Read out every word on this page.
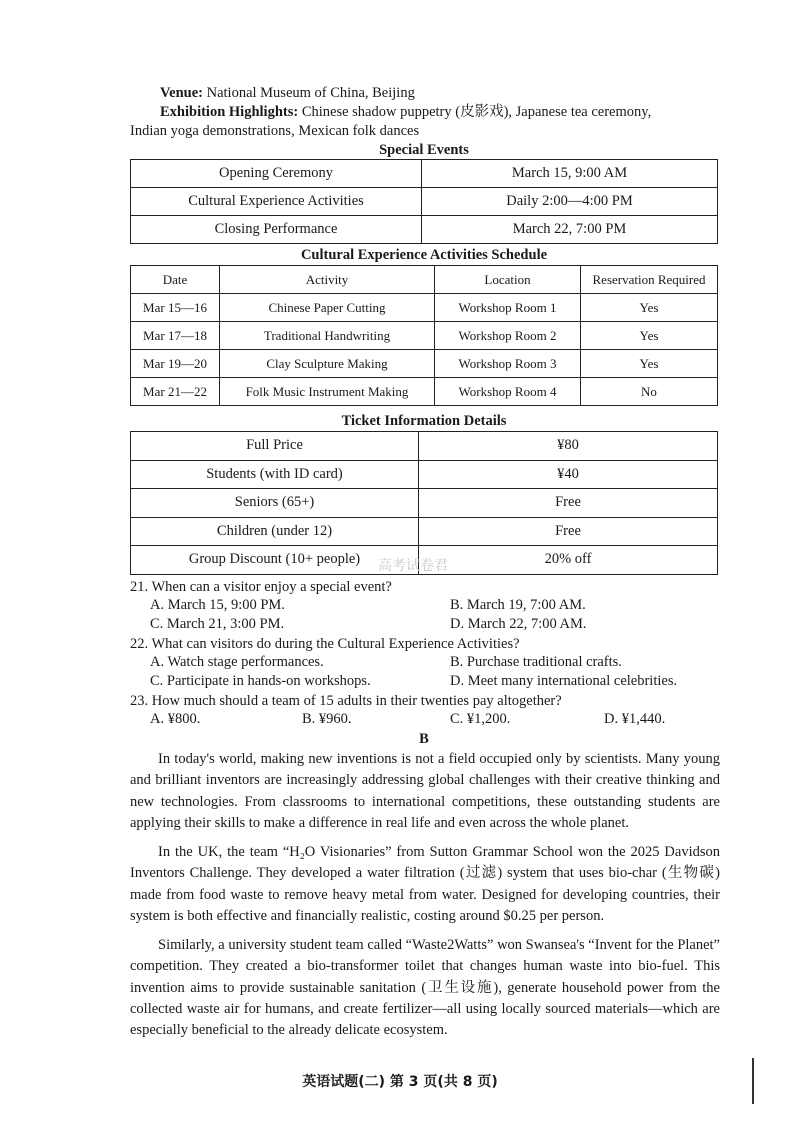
Venue: National Museum of China, Beijing
Exhibition Highlights: Chinese shadow puppetry (皮影戏), Japanese tea ceremony,
Indian yoga demonstrations, Mexican folk dances
Special Events
Opening Ceremony	March 15, 9:00 AM
Cultural Experience Activities	Daily 2:00—4:00 PM
Closing Performance	March 22, 7:00 PM
Cultural Experience Activities Schedule
Date	Activity	Location	Reservation Required
Mar 15—16	Chinese Paper Cutting	Workshop Room 1	Yes
Mar 17—18	Traditional Handwriting	Workshop Room 2	Yes
Mar 19—20	Clay Sculpture Making	Workshop Room 3	Yes
Mar 21—22	Folk Music Instrument Making	Workshop Room 4	No
Ticket Information Details
Full Price	¥80
Students (with ID card)	¥40
Seniors (65+)	Free
Children (under 12)	Free
Group Discount (10+ people)	20% off
高考试卷君
21. When can a visitor enjoy a special event?
A. March 15, 9:00 PM.	B. March 19, 7:00 AM.
C. March 21, 3:00 PM.	D. March 22, 7:00 AM.
22. What can visitors do during the Cultural Experience Activities?
A. Watch stage performances.	B. Purchase traditional crafts.
C. Participate in hands-on workshops.	D. Meet many international celebrities.
23. How much should a team of 15 adults in their twenties pay altogether?
A. ¥800.	B. ¥960.	C. ¥1,200.	D. ¥1,440.
B
In today's world, making new inventions is not a field occupied only by scientists. Many young and brilliant inventors are increasingly addressing global challenges with their creative thinking and new technologies. From classrooms to international competitions, these outstanding students are applying their skills to make a difference in real life and even across the whole planet.
In the UK, the team “H₂O Visionaries” from Sutton Grammar School won the 2025 Davidson Inventors Challenge. They developed a water filtration (过滤) system that uses bio-char (生物碳) made from food waste to remove heavy metal from water. Designed for developing countries, their system is both effective and financially realistic, costing around $0.25 per person.
Similarly, a university student team called “Waste2Watts” won Swansea's “Invent for the Planet” competition. They created a bio-transformer toilet that changes human waste into bio-fuel. This invention aims to provide sustainable sanitation (卫生设施), generate household power from the collected waste air for humans, and create fertilizer—all using locally sourced materials—which are especially beneficial to the already delicate ecosystem.
英语试题(二) 第 3 页(共 8 页)
